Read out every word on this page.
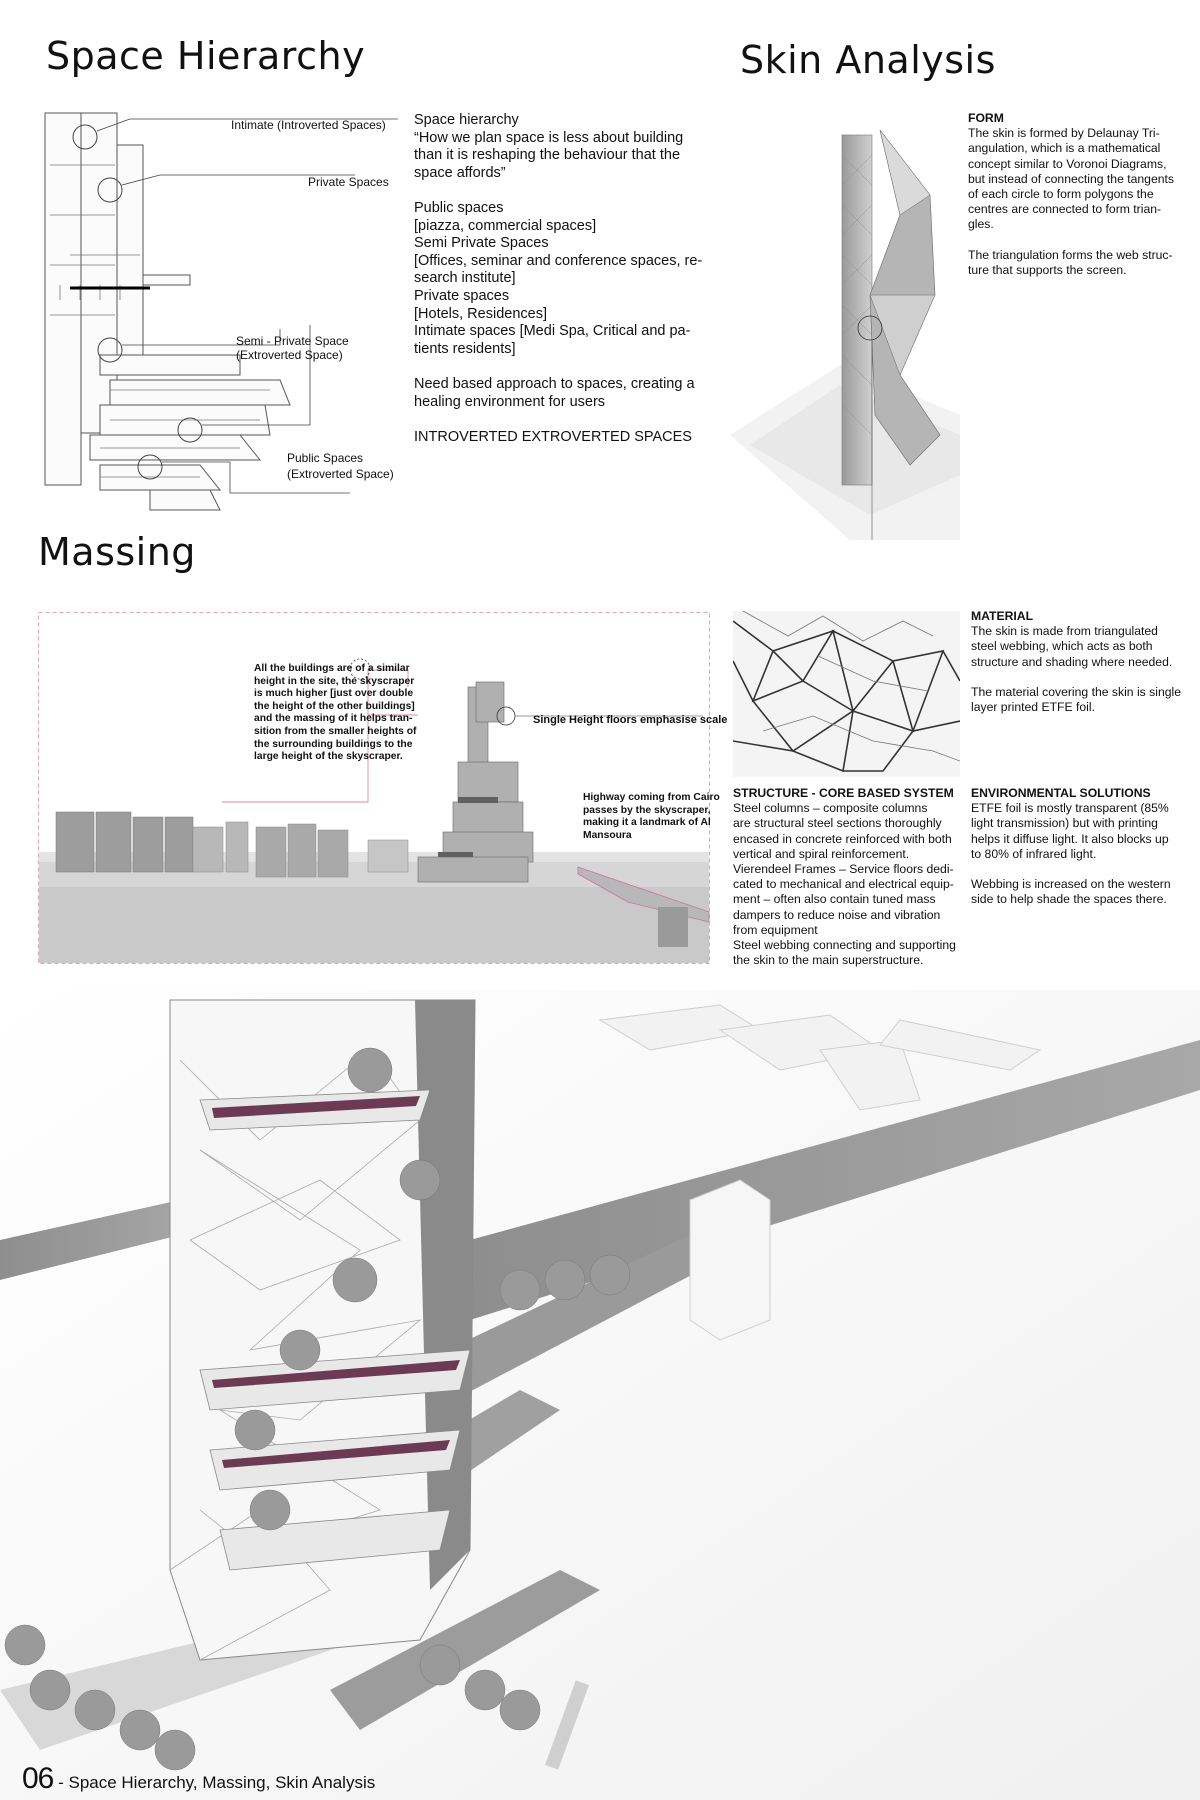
Space Hierarchy	Skin Analysis
Massing
Intimate (Introverted Spaces)
Private Spaces
Semi - Private Space
(Extroverted Space)
Public Spaces
(Extroverted Space)
Space hierarchy
“How we plan space is less about building
than it is reshaping the behaviour that the
space affords”
Public spaces
[piazza, commercial spaces]
Semi Private Spaces
[Offices, seminar and conference spaces, re-
search institute]
Private spaces
[Hotels, Residences]
Intimate spaces [Medi Spa, Critical and pa-
tients residents]
Need based approach to spaces, creating a
healing environment for users
INTROVERTED EXTROVERTED SPACES
FORM
The skin is formed by Delaunay Tri-
angulation, which is a mathematical
concept similar to Voronoi Diagrams,
but instead of connecting the tangents
of each circle to form polygons the
centres are connected to form trian-
gles.
The triangulation forms the web struc-
ture that supports the screen.
MATERIAL
The skin is made from triangulated
steel webbing, which acts as both
structure and shading where needed.
The material covering the skin is single
layer printed ETFE foil.
STRUCTURE - CORE BASED SYSTEM
Steel columns – composite columns
are structural steel sections thoroughly
encased in concrete reinforced with both
vertical and spiral reinforcement.
Vierendeel Frames – Service floors dedi-
cated to mechanical and electrical equip-
ment – often also contain tuned mass
dampers to reduce noise and vibration
from equipment
Steel webbing connecting and supporting
the skin to the main superstructure.
ENVIRONMENTAL SOLUTIONS
ETFE foil is mostly transparent (85%
light transmission) but with printing
helps it diffuse light. It also blocks up
to 80% of infrared light.
Webbing is increased on the western
side to help shade the spaces there.
All the buildings are of a similar
height in the site, the skyscraper
is much higher [just over double
the height of the other buildings]
and the massing of it helps tran-
sition from the smaller heights of
the surrounding buildings to the
large height of the skyscraper.
Single Height floors emphasise scale
Highway coming from Cairo
passes by the skyscraper,
making it a landmark of Al
Mansoura
06 - Space Hierarchy, Massing, Skin Analysis
